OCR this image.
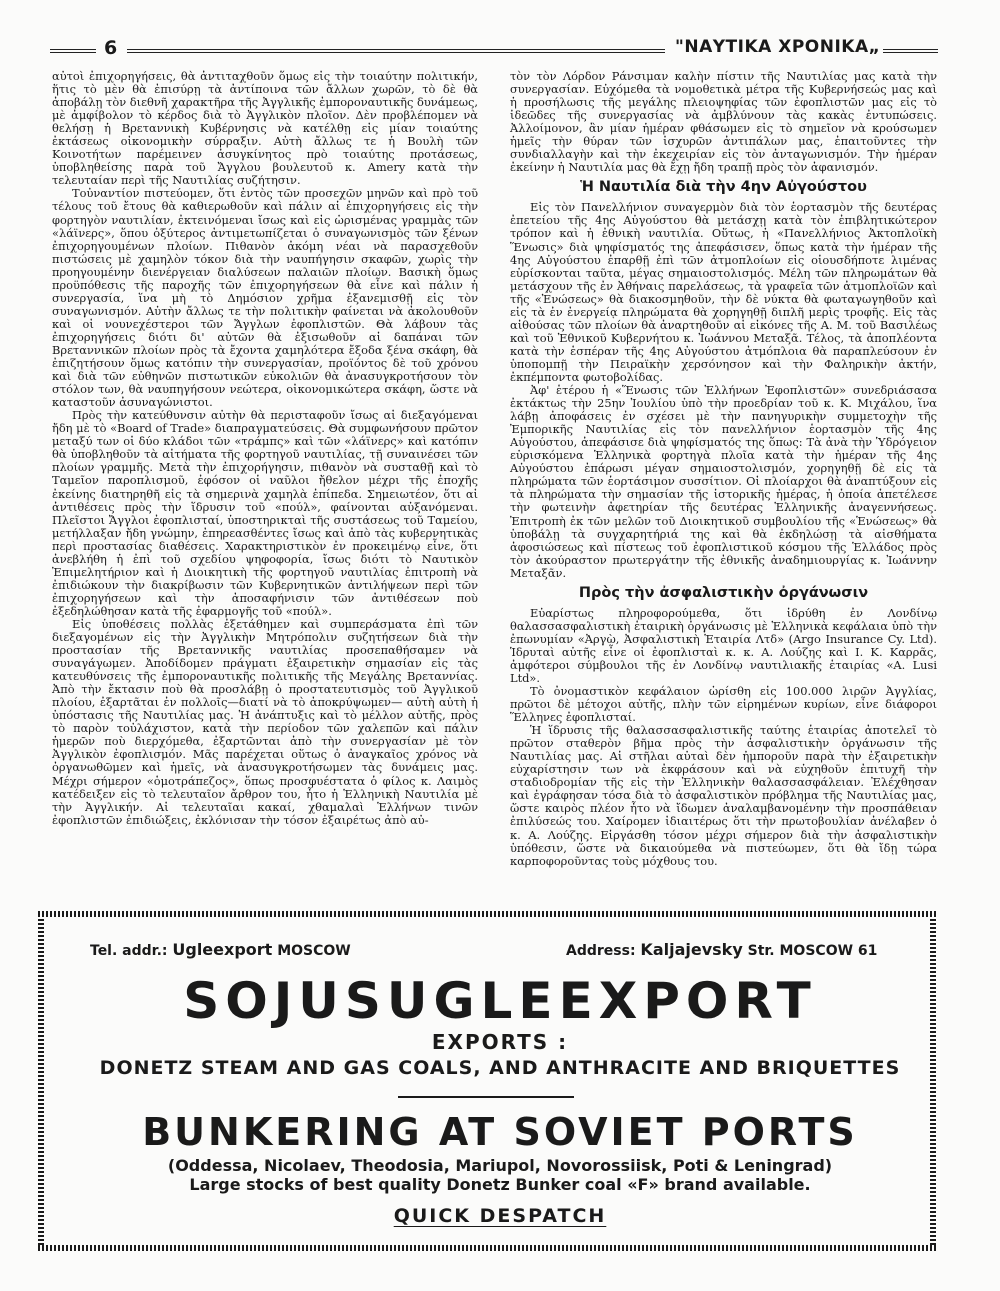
6	"ΝΑΥΤΙΚΑ ΧΡΟΝΙΚΑ„

αὐτοὶ ἐπιχορηγήσεις, θὰ ἀντιταχθοῦν ὅμως εἰς τὴν τοιαύτην πολιτικήν, ἥτις τὸ μὲν θὰ ἐπισύρῃ τὰ ἀντίποινα τῶν ἄλλων χωρῶν, τὸ δὲ θὰ ἀποβάλῃ τὸν διεθνῆ χαρακτῆρα τῆς Ἀγγλικῆς ἐμποροναυτικῆς δυνάμεως, μὲ ἀμφίβολον τὸ κέρδος διὰ τὸ Ἀγγλικὸν πλοῖον. Δὲν προβλέπομεν νὰ θελήσῃ ἡ Βρεταννικὴ Κυβέρνησις νὰ κατέλθῃ εἰς μίαν τοιαύτης ἐκτάσεως οἰκονομικὴν σύρραξιν. Αὐτὴ ἄλλως τε ἡ Βουλὴ τῶν Κοινοτήτων παρέμεινεν ἀσυγκίνητος πρὸ τοιαύτης προτάσεως, ὑποβληθείσης παρὰ τοῦ Ἄγγλου βουλευτοῦ κ. Amery κατὰ τὴν τελευταίαν περὶ τῆς Ναυτιλίας συζήτησιν.

Τοὐναντίον πιστεύομεν, ὅτι ἐντὸς τῶν προσεχῶν μηνῶν καὶ πρὸ τοῦ τέλους τοῦ ἔτους θὰ καθιερωθοῦν καὶ πάλιν αἱ ἐπιχορηγήσεις εἰς τὴν φορτηγὸν ναυτιλίαν, ἐκτεινόμεναι ἴσως καὶ εἰς ὡρισμένας γραμμὰς τῶν «λάϊνερς», ὅπου ὀξύτερος ἀντιμετωπίζεται ὁ συναγωνισμὸς τῶν ξένων ἐπιχορηγουμένων πλοίων. Πιθανὸν ἀκόμη νέαι νὰ παρασχεθοῦν πιστώσεις μὲ χαμηλὸν τόκον διὰ τὴν ναυπήγησιν σκαφῶν, χωρὶς τὴν προηγουμένην διενέργειαν διαλύσεων παλαιῶν πλοίων. Βασικὴ ὅμως προϋπόθεσις τῆς παροχῆς τῶν ἐπιχορηγήσεων θὰ εἶνε καὶ πάλιν ἡ συνεργασία, ἵνα μὴ τὸ Δημόσιον χρῆμα ἐξανεμισθῇ εἰς τὸν συναγωνισμόν. Αὐτὴν ἄλλως τε τὴν πολιτικὴν φαίνεται νὰ ἀκολουθοῦν καὶ οἱ νουνεχέστεροι τῶν Ἄγγλων ἐφοπλιστῶν. Θὰ λάβουν τὰς ἐπιχορηγήσεις διότι δι' αὐτῶν θὰ ἐξισωθοῦν αἱ δαπάναι τῶν Βρεταννικῶν πλοίων πρὸς τὰ ἔχοντα χαμηλότερα ἔξοδα ξένα σκάφη, θὰ ἐπιζητήσουν ὅμως κατόπιν τὴν συνεργασίαν, προϊόντος δὲ τοῦ χρόνου καὶ διὰ τῶν εὐθηνῶν πιστωτικῶν εὐκολιῶν θὰ ἀνασυγκροτήσουν τὸν στόλον των, θὰ ναυπηγήσουν νεώτερα, οἰκονομικώτερα σκάφη, ὥστε νὰ καταστοῦν ἀσυναγώνιστοι.

Πρὸς τὴν κατεύθυνσιν αὐτὴν θὰ περισταφοῦν ἴσως αἱ διεξαγόμεναι ἤδη μὲ τὸ «Board of Trade» διαπραγματεύσεις. Θὰ συμφωνήσουν πρῶτον μεταξύ των οἱ δύο κλάδοι τῶν «τράμπς» καὶ τῶν «λάϊνερς» καὶ κατόπιν θὰ ὑποβληθοῦν τὰ αἰτήματα τῆς φορτηγοῦ ναυτιλίας, τῇ συναινέσει τῶν πλοίων γραμμῆς. Μετὰ τὴν ἐπιχορήγησιν, πιθανὸν νὰ συσταθῇ καὶ τὸ Ταμεῖον παροπλισμοῦ, ἐφόσον οἱ ναῦλοι ἤθελον μέχρι τῆς ἐποχῆς ἐκείνης διατηρηθῆ εἰς τὰ σημερινὰ χαμηλὰ ἐπίπεδα. Σημειωτέον, ὅτι αἱ ἀντιθέσεις πρὸς τὴν ἵδρυσιν τοῦ «πούλ», φαίνονται αὐξανόμεναι. Πλεῖστοι Ἄγγλοι ἐφοπλισταί, ὑποστηρικταὶ τῆς συστάσεως τοῦ Ταμείου, μετήλλαξαν ἤδη γνώμην, ἐπηρεασθέντες ἴσως καὶ ἀπὸ τὰς κυβερνητικὰς περὶ προστασίας διαθέσεις. Χαρακτηριστικὸν ἐν προκειμένῳ εἶνε, ὅτι ἀνεβλήθη ἡ ἐπὶ τοῦ σχεδίου ψηφοφορία, ἴσως διότι τὸ Ναυτικὸν Ἐπιμελητήριον καὶ ἡ Διοικητικὴ τῆς φορτηγοῦ ναυτιλίας ἐπιτροπὴ νὰ ἐπιδιώκουν τὴν διακρίβωσιν τῶν Κυβερνητικῶν ἀντιλήψεων περὶ τῶν ἐπιχορηγήσεων καὶ τὴν ἀποσαφήνισιν τῶν ἀντιθέσεων ποὺ ἐξεδηλώθησαν κατὰ τῆς ἐφαρμογῆς τοῦ «πούλ».

Εἰς ὑποθέσεις πολλὰς ἐξετάθημεν καὶ συμπεράσματα ἐπὶ τῶν διεξαγομένων εἰς τὴν Ἀγγλικὴν Μητρόπολιν συζητήσεων διὰ τὴν προστασίαν τῆς Βρεταννικῆς ναυτιλίας προσεπαθήσαμεν νὰ συναγάγωμεν. Ἀποδίδομεν πράγματι ἐξαιρετικὴν σημασίαν εἰς τὰς κατευθύνσεις τῆς ἐμποροναυτικῆς πολιτικῆς τῆς Μεγάλης Βρεταννίας. Ἀπὸ τὴν ἔκτασιν ποὺ θὰ προσλάβῃ ὁ προστατευτισμὸς τοῦ Ἀγγλικοῦ πλοίου, ἐξαρτᾶται ἐν πολλοῖς—διατί νὰ τὸ ἀποκρύψωμεν— αὐτὴ αὐτὴ ἡ ὑπόστασις τῆς Ναυτιλίας μας. Ἡ ἀνάπτυξις καὶ τὸ μέλλον αὐτῆς, πρὸς τὸ παρὸν τοὐλάχιστον, κατὰ τὴν περίοδον τῶν χαλεπῶν καὶ πάλιν ἡμερῶν ποὺ διερχόμεθα, ἐξαρτῶνται ἀπὸ τὴν συνεργασίαν μὲ τὸν Ἀγγλικὸν ἐφοπλισμόν. Μᾶς παρέχεται οὕτως ὁ ἀναγκαῖος χρόνος νὰ ὀργανωθῶμεν καὶ ἡμεῖς, νὰ ἀνασυγκροτήσωμεν τὰς δυνάμεις μας. Μέχρι σήμερον «ὁμοτράπεζος», ὅπως προσφυέστατα ὁ φίλος κ. Λαιμὸς κατέδειξεν εἰς τὸ τελευταῖον ἄρθρον του, ἦτο ἡ Ἑλληνικὴ Ναυτιλία μὲ τὴν Ἀγγλικήν. Αἱ τελευταῖαι κακαί, χθαμαλαὶ Ἑλλήνων τινῶν ἐφοπλιστῶν ἐπιδιώξεις, ἐκλόνισαν τὴν τόσον ἐξαιρέτως ἀπὸ αὐ-

τὸν τὸν Λόρδον Ράνσιμαν καλὴν πίστιν τῆς Ναυτιλίας μας κατὰ τὴν συνεργασίαν. Εὐχόμεθα τὰ νομοθετικὰ μέτρα τῆς Κυβερνήσεώς μας καὶ ἡ προσήλωσις τῆς μεγάλης πλειοψηφίας τῶν ἐφοπλιστῶν μας εἰς τὸ ἰδεῶδες τῆς συνεργασίας νὰ ἀμβλύνουν τὰς κακὰς ἐντυπώσεις. Ἀλλοίμονον, ἂν μίαν ἡμέραν φθάσωμεν εἰς τὸ σημεῖον νὰ κρούσωμεν ἡμεῖς τὴν θύραν τῶν ἰσχυρῶν ἀντιπάλων μας, ἐπαιτοῦντες τὴν συνδιαλλαγὴν καὶ τὴν ἐκεχειρίαν εἰς τὸν ἀνταγωνισμόν. Τὴν ἡμέραν ἐκείνην ἡ Ναυτιλία μας θὰ ἔχῃ ἤδη τραπῇ πρὸς τὸν ἀφανισμόν.

Ἡ Ναυτιλία διὰ τὴν 4ην Αὐγούστου

Εἰς τὸν Πανελλήνιον συναγερμὸν διὰ τὸν ἑορτασμὸν τῆς δευτέρας ἐπετείου τῆς 4ης Αὐγούστου θὰ μετάσχῃ κατὰ τὸν ἐπιβλητικώτερον τρόπον καὶ ἡ ἐθνικὴ ναυτιλία. Οὕτως, ἡ «Πανελλήνιος Ἀκτοπλοϊκὴ Ἕνωσις» διὰ ψηφίσματός της ἀπεφάσισεν, ὅπως κατὰ τὴν ἡμέραν τῆς 4ης Αὐγούστου ἐπαρθῇ ἐπὶ τῶν ἀτμοπλοίων εἰς οἱουσδήποτε λιμένας εὑρίσκονται ταῦτα, μέγας σημαιοστολισμός. Μέλη τῶν πληρωμάτων θὰ μετάσχουν τῆς ἐν Ἀθήναις παρελάσεως, τὰ γραφεῖα τῶν ἀτμοπλοϊῶν καὶ τῆς «Ἑνώσεως» θὰ διακοσμηθοῦν, τὴν δὲ νύκτα θὰ φωταγωγηθοῦν καὶ εἰς τὰ ἐν ἐνεργείᾳ πληρώματα θὰ χορηγηθῇ διπλῆ μερὶς τροφῆς. Εἰς τὰς αἰθούσας τῶν πλοίων θὰ ἀναρτηθοῦν αἱ εἰκόνες τῆς Α. Μ. τοῦ Βασιλέως καὶ τοῦ Ἐθνικοῦ Κυβερνήτου κ. Ἰωάννου Μεταξᾶ. Τέλος, τὰ ἀποπλέοντα κατὰ τὴν ἑσπέραν τῆς 4ης Αὐγούστου ἀτμόπλοια θὰ παραπλεύσουν ἐν ὑποπομπῇ τὴν Πειραϊκὴν χερσόνησον καὶ τὴν Φαληρικὴν ἀκτήν, ἐκπέμποντα φωτοβολίδας.

Ἀφ' ἑτέρου ἡ «Ἕνωσις τῶν Ἑλλήνων Ἐφοπλιστῶν» συνεδριάσασα ἐκτάκτως τὴν 25ην Ἰουλίου ὑπὸ τὴν προεδρίαν τοῦ κ. Κ. Μιχάλου, ἵνα λάβῃ ἀποφάσεις ἐν σχέσει μὲ τὴν πανηγυρικὴν συμμετοχὴν τῆς Ἐμπορικῆς Ναυτιλίας εἰς τὸν πανελλήνιον ἑορτασμὸν τῆς 4ης Αὐγούστου, ἀπεφάσισε διὰ ψηφίσματός της ὅπως: Τὰ ἀνὰ τὴν Ὑδρόγειον εὑρισκόμενα Ἑλληνικὰ φορτηγὰ πλοῖα κατὰ τὴν ἡμέραν τῆς 4ης Αὐγούστου ἐπάρωσι μέγαν σημαιοστολισμόν, χορηγηθῇ δὲ εἰς τὰ πληρώματα τῶν ἑορτάσιμον συσσίτιον. Οἱ πλοίαρχοι θὰ ἀναπτύξουν εἰς τὰ πληρώματα τὴν σημασίαν τῆς ἱστορικῆς ἡμέρας, ἡ ὁποία ἀπετέλεσε τὴν φωτεινὴν ἀφετηρίαν τῆς δευτέρας Ἑλληνικῆς ἀναγεννήσεως. Ἐπιτροπὴ ἐκ τῶν μελῶν τοῦ Διοικητικοῦ συμβουλίου τῆς «Ἑνώσεως» θὰ ὑποβάλῃ τὰ συγχαρητήριά της καὶ θὰ ἐκδηλώσῃ τὰ αἰσθήματα ἀφοσιώσεως καὶ πίστεως τοῦ ἐφοπλιστικοῦ κόσμου τῆς Ἑλλάδος πρὸς τὸν ἀκούραστον πρωτεργάτην τῆς ἐθνικῆς ἀναδημιουργίας κ. Ἰωάννην Μεταξᾶν.

Πρὸς τὴν ἀσφαλιστικὴν ὀργάνωσιν

Εὐαρίστως πληροφορούμεθα, ὅτι ἱδρύθη ἐν Λονδίνῳ θαλασσασφαλιστικὴ ἑταιρικὴ ὀργάνωσις μὲ Ἑλληνικὰ κεφάλαια ὑπὸ τὴν ἐπωνυμίαν «Ἀργὼ, Ἀσφαλιστικὴ Ἑταιρία Λτδ» (Argo Insurance Cy. Ltd). Ἱδρυταὶ αὐτῆς εἶνε οἱ ἐφοπλισταὶ κ. κ. Α. Λούζης καὶ Ι. Κ. Καρρᾶς, ἀμφότεροι σύμβουλοι τῆς ἐν Λονδίνῳ ναυτιλιακῆς ἑταιρίας «A. Lusi Ltd».

Τὸ ὀνομαστικὸν κεφάλαιον ὡρίσθη εἰς 100.000 λιρῶν Ἀγγλίας, πρῶτοι δὲ μέτοχοι αὐτῆς, πλὴν τῶν εἰρημένων κυρίων, εἶνε διάφοροι Ἕλληνες ἐφοπλισταί.

Ἡ ἵδρυσις τῆς θαλασσασφαλιστικῆς ταύτης ἑταιρίας ἀποτελεῖ τὸ πρῶτον σταθερὸν βῆμα πρὸς τὴν ἀσφαλιστικὴν ὀργάνωσιν τῆς Ναυτιλίας μας. Αἱ στῆλαι αὐταὶ δὲν ἠμποροῦν παρὰ τὴν ἐξαιρετικὴν εὐχαρίστησιν των νὰ ἐκφράσουν καὶ νὰ εὐχηθοῦν ἐπιτυχῆ τὴν σταδιοδρομίαν τῆς εἰς τὴν Ἑλληνικὴν θαλασσασφάλειαν. Ἐλέχθησαν καὶ ἐγράφησαν τόσα διὰ τὸ ἀσφαλιστικὸν πρόβλημα τῆς Ναυτιλίας μας, ὥστε καιρὸς πλέον ἦτο νὰ ἴδωμεν ἀναλαμβανομένην τὴν προσπάθειαν ἐπιλύσεώς του. Χαίρομεν ἰδιαιτέρως ὅτι τὴν πρωτοβουλίαν ἀνέλαβεν ὁ κ. Α. Λούζης. Εἰργάσθη τόσον μέχρι σήμερον διὰ τὴν ἀσφαλιστικὴν ὑπόθεσιν, ὥστε νὰ δικαιούμεθα νὰ πιστεύωμεν, ὅτι θὰ ἴδῃ τώρα καρποφοροῦντας τοὺς μόχθους του.

Tel. addr.: Ugleexport MOSCOW	Address: Kaljajevsky Str. MOSCOW 61
SOJUSUGLEEXPORT
EXPORTS :
DONETZ STEAM AND GAS COALS, AND ANTHRACITE AND BRIQUETTES
BUNKERING AT SOVIET PORTS
(Oddessa, Nicolaev, Theodosia, Mariupol, Novorossiisk, Poti & Leningrad)
Large stocks of best quality Donetz Bunker coal «F» brand available.
QUICK DESPATCH
